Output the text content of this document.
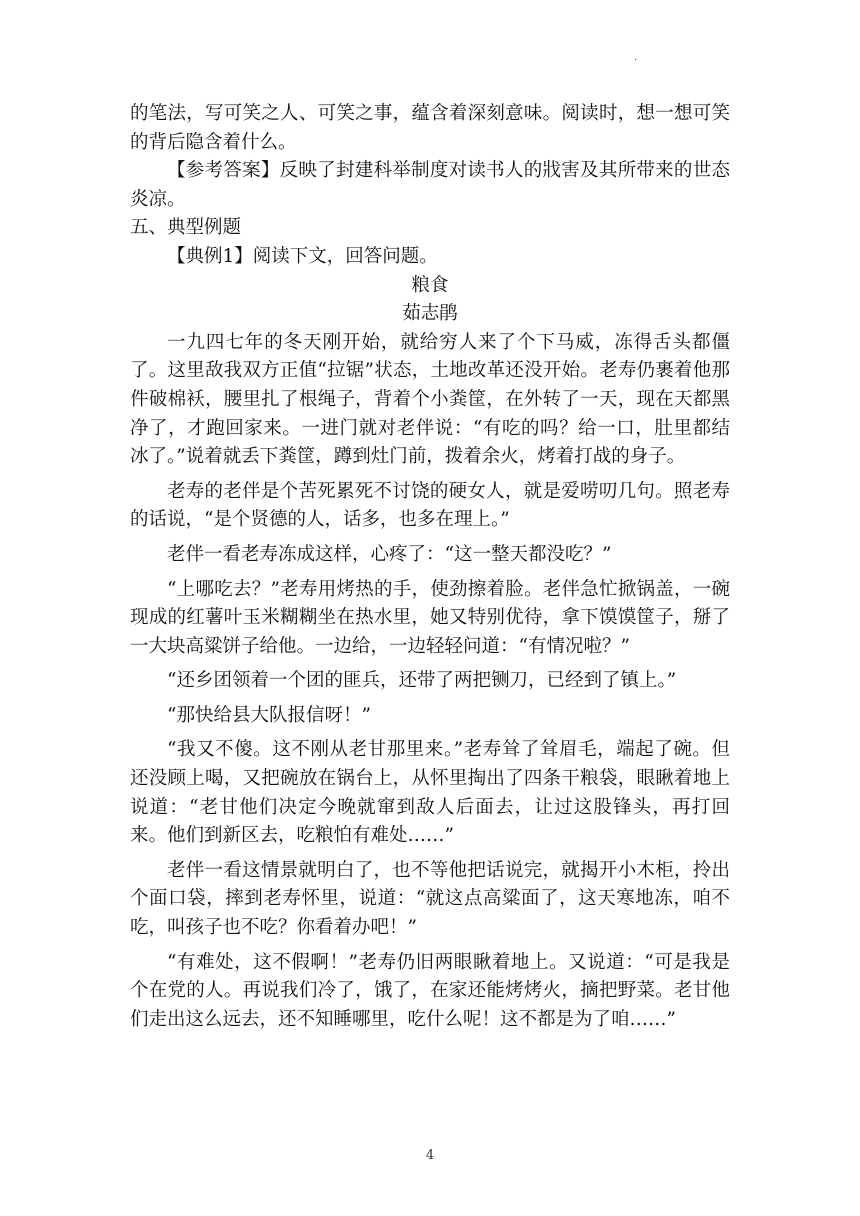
.

的笔法，写可笑之人、可笑之事，蕴含着深刻意味。阅读时，想一想可笑的背后隐含着什么。

【参考答案】反映了封建科举制度对读书人的戕害及其所带来的世态炎凉。

五、典型例题

【典例1】阅读下文，回答问题。

粮食

茹志鹃

一九四七年的冬天刚开始，就给穷人来了个下马威，冻得舌头都僵了。这里敌我双方正值“拉锯”状态，土地改革还没开始。老寿仍裹着他那件破棉袄，腰里扎了根绳子，背着个小粪筐，在外转了一天，现在天都黑净了，才跑回家来。一进门就对老伴说：“有吃的吗？给一口，肚里都结冰了。”说着就丢下粪筐，蹲到灶门前，拨着余火，烤着打战的身子。

老寿的老伴是个苦死累死不讨饶的硬女人，就是爱唠叨几句。照老寿的话说，“是个贤德的人，话多，也多在理上。”

老伴一看老寿冻成这样，心疼了：“这一整天都没吃？”

“上哪吃去？”老寿用烤热的手，使劲擦着脸。老伴急忙掀锅盖，一碗现成的红薯叶玉米糊糊坐在热水里，她又特别优待，拿下馍馍筐子，掰了一大块高粱饼子给他。一边给，一边轻轻问道：“有情况啦？”

“还乡团领着一个团的匪兵，还带了两把铡刀，已经到了镇上。”

“那快给县大队报信呀！”

“我又不傻。这不刚从老甘那里来。”老寿耸了耸眉毛，端起了碗。但还没顾上喝，又把碗放在锅台上，从怀里掏出了四条干粮袋，眼瞅着地上说道：“老甘他们决定今晚就窜到敌人后面去，让过这股锋头，再打回来。他们到新区去，吃粮怕有难处……”

老伴一看这情景就明白了，也不等他把话说完，就揭开小木柜，拎出个面口袋，摔到老寿怀里，说道：“就这点高粱面了，这天寒地冻，咱不吃，叫孩子也不吃？你看着办吧！”

“有难处，这不假啊！”老寿仍旧两眼瞅着地上。又说道：“可是我是个在党的人。再说我们冷了，饿了，在家还能烤烤火，摘把野菜。老甘他们走出这么远去，还不知睡哪里，吃什么呢！这不都是为了咱……”

4
